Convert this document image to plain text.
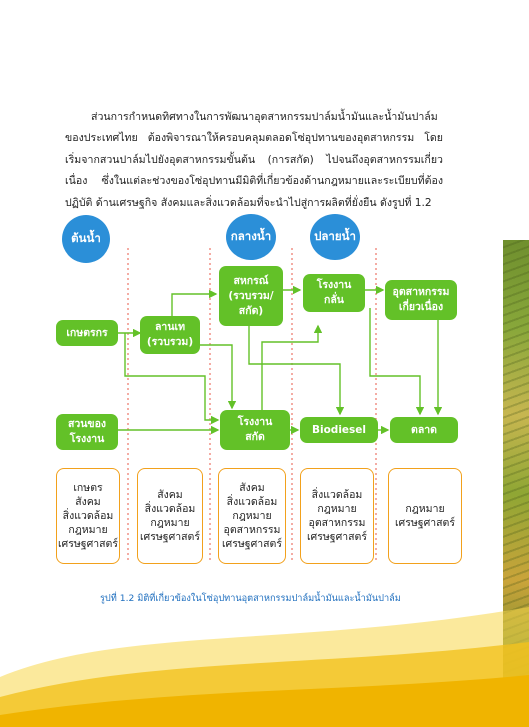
ส่วนการกำหนดทิศทางในการพัฒนาอุตสาหกรรมปาล์มน้ำมันและน้ำมันปาล์มของประเทศไทย ต้องพิจารณาให้ครอบคลุมตลอดโซ่อุปทานของอุตสาหกรรม โดยเริ่มจากสวนปาล์มไปยังอุตสาหกรรมขั้นต้น (การสกัด) ไปจนถึงอุตสาหกรรมเกี่ยวเนื่อง ซึ่งในแต่ละช่วงของโซ่อุปทานมีมิติที่เกี่ยวข้องด้านกฎหมายและระเบียบที่ต้องปฏิบัติ ด้านเศรษฐกิจ สังคมและสิ่งแวดล้อมที่จะนำไปสู่การผลิตที่ยั่งยืน ดังรูปที่ 1.2

ต้นน้ำ	กลางน้ำ	ปลายน้ำ
เกษตรกร	ลานเท
(รวบรวม)
สหกรณ์
(รวบรวม/
สกัด)
โรงงาน
กลั่น
อุตสาหกรรม
เกี่ยวเนื่อง
สวนของ
โรงงาน
โรงงาน
สกัด
Biodiesel	ตลาด
เกษตร
สังคม
สิ่งแวดล้อม
กฎหมาย
เศรษฐศาสตร์
สังคม
สิ่งแวดล้อม
กฎหมาย
เศรษฐศาสตร์
สังคม
สิ่งแวดล้อม
กฎหมาย
อุตสาหกรรม
เศรษฐศาสตร์
สิ่งแวดล้อม
กฎหมาย
อุตสาหกรรม
เศรษฐศาสตร์
กฎหมาย
เศรษฐศาสตร์
รูปที่ 1.2 มิติที่เกี่ยวข้องในโซ่อุปทานอุตสาหกรรมปาล์มน้ำมันและน้ำมันปาล์ม
